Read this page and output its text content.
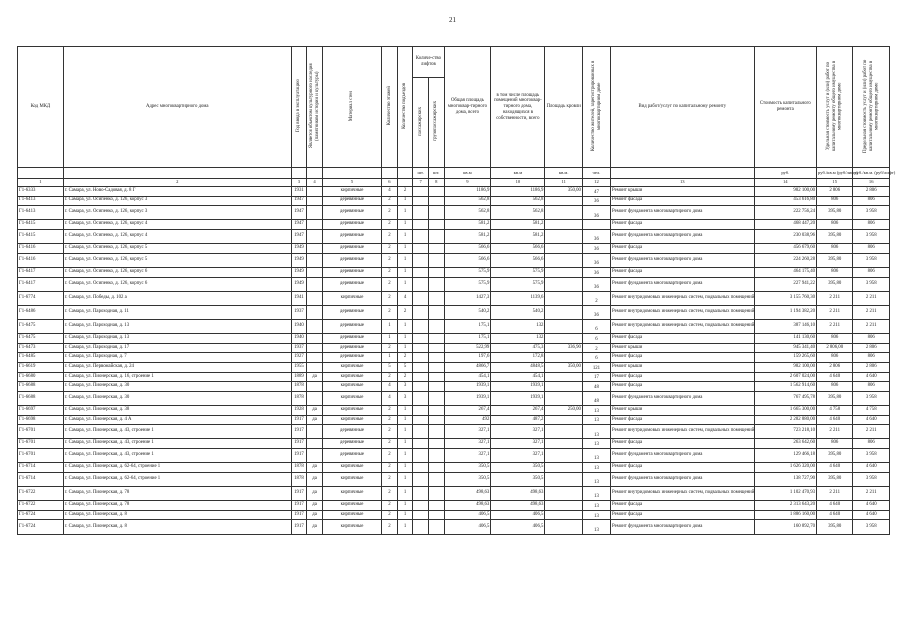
21
Код МКД	Адрес многоквартирного дома	Год ввода в эксплуатацию	Является объектом культурного наследия (памятником истории и культуры)	Материал стен	Количество этажей	Количество подъездов	Количе-ство лифтов		Общая площадь многоквар-тирного дома, всего	в том числе площадь помещений многоквар-тирного дома, находящихся в собственности, всего	Площадь кровли	Количество жителей, зарегистрированных в многоквартирном доме	Вид работ/услуг по капитальному ремонту	Стоимость капитального ремонта	Удельная стоимость услуг и (или) работ по капитальному ремонту общего имущества в многоквартирном доме	Предельная стоимость услуг и (или) работ по капитальному ремонту общего имущества в многоквартирном доме
							пассажирских	грузопассажирских								
							шт.	шт.	кв.м	кв.м	кв.м.	чел.		руб.	руб./кв.м (руб/лифт)	руб./кв.м. (руб/лифт)
1	2	3	4	5	6		7	8	9	10	11	12	13	14	15	16
Г1-6333	г. Самара, ул. Ново-Садовая, д. 8 Г	1931		кирпичные	4	2			1186,9	1186,9	350,00	47	Ремонт крыши	982 100,00	2 806	2 806
Г1-6413	г. Самара, ул. Осипенко, д. 126, корпус 3	1947		деревянные	2	1			562,8	562,8		36	Ремонт фасада	453 616,80	806	806
Г1-6413	г. Самара, ул. Осипенко, д. 126, корпус 3	1947		деревянные	2	1			562,8	562,8		36	Ремонт фундамента многоквартирного дома	222 756,24	395,80	3 958
Г1-6415	г. Самара, ул. Осипенко, д. 126, корпус 4	1947		деревянные	2	1			581,2	581,2			Ремонт фасада	468 447,20	806	806
Г1-6415	г. Самара, ул. Осипенко, д. 126, корпус 4	1947		деревянные	2	1			581,2	581,2		36	Ремонт фундамента многоквартирного дома	230 038,96	395,80	3 958
Г1-6416	г. Самара, ул. Осипенко, д. 126, корпус 5	1949		деревянные	2	1			566,6	566,6		36	Ремонт фасада	456 679,60	806	806
Г1-6416	г. Самара, ул. Осипенко, д. 126, корпус 5	1949		деревянные	2	1			566,6	566,6		36	Ремонт фундамента многоквартирного дома	224 260,28	395,80	3 958
Г1-6417	г. Самара, ул. Осипенко, д. 126, корпус 6	1949		деревянные	2	1			575,9	575,9		36	Ремонт фасада	464 175,40	806	806
Г1-6417	г. Самара, ул. Осипенко, д. 126, корпус 6	1949		деревянные	2	1			575,9	575,9		36	Ремонт фундамента многоквартирного дома	227 941,22	395,80	3 958
Г1-6774	г. Самара, ул. Победы, д. 102 а	1941		кирпичные	2	4			1427,3	1139,6		2	Ремонт внутридомовых инженерных систем, подвальных помещений	3 155 760,30	2 211	2 211
Г1-6486	г. Самара, ул. Пароходная, д. 11	1937		деревянные	2	2			540,2	540,2		36	Ремонт внутридомовых инженерных систем, подвальных помещений	1 194 382,20	2 211	2 211
Г1-6475	г. Самара, ул. Пароходная, д. 13	1940		деревянные	1	1			175,1	132		6	Ремонт внутридомовых инженерных систем, подвальных помещений	387 146,10	2 211	2 211
Г1-6475	г. Самара, ул. Пароходная, д. 13	1940		деревянные	1	1			175,1	132		6	Ремонт фасада	141 130,60	806	806
Г1-6473	г. Самара, ул. Пароходная, д. 17	1937		деревянные	2	1			522,99	475,3	336,90	2	Ремонт крыши	945 341,40	2 806,00	2 806
Г1-6485	г. Самара, ул. Пароходная, д. 7	1927		деревянные	1	2			197,6	172,8		6	Ремонт фасада	159 265,60	806	806
Г1-6619	г. Самара, ул. Первомайская, д. 24	1955		кирпичные	5	5			4866,7	4848,5	350,00	121	Ремонт крыши	982 100,00	2 806	2 806
Г1-6680	г. Самара, ул. Пионерская, д. 16, строение 1	1889	да	кирпичные	2	2			454,1	454,1		17	Ремонт фасада	2 607 024,00	4 640	4 640
Г1-6688	г. Самара, ул. Пионерская, д. 30	1878		кирпичные	4	3			1939,1	1939,1		48	Ремонт фасада	1 562 914,60	806	806
Г1-6688	г. Самара, ул. Пионерская, д. 30	1878		кирпичные	4	3			1939,1	1939,1		48	Ремонт фундамента многоквартирного дома	767 495,78	395,80	3 958
Г1-6697	г. Самара, ул. Пионерская, д. 38	1928	да	кирпичные	2	1			267,4	267,4	250,00	13	Ремонт крыши	1 665 300,00	4 758	4 758
Г1-6698	г. Самара, ул. Пионерская, д. 4 А	1917	да	кирпичные	2	1			492	487,2		13	Ремонт фасада	2 282 880,00	4 640	4 640
Г1-6701	г. Самара, ул. Пионерская, д. 43, строение 1	1917		деревянные	2	1			327,1	327,1		13	Ремонт внутридомовых инженерных систем, подвальных помещений	723 218,10	2 211	2 211
Г1-6701	г. Самара, ул. Пионерская, д. 43, строение 1	1917		деревянные	2	1			327,1	327,1		13	Ремонт фасада	263 642,60	806	806
Г1-6701	г. Самара, ул. Пионерская, д. 43, строение 1	1917		деревянные	2	1			327,1	327,1		13	Ремонт фундамента многоквартирного дома	129 466,18	395,80	3 958
Г1-6714	г. Самара, ул. Пионерская, д. 62-64, строение 1	1878	да	кирпичные	2	1			350,5	350,5		13	Ремонт фасада	1 626 320,00	4 640	4 640
Г1-6714	г. Самара, ул. Пионерская, д. 62-64, строение 1	1878	да	кирпичные	2	1			350,5	350,5		13	Ремонт фундамента многоквартирного дома	138 727,90	395,80	3 958
Г1-6722	г. Самара, ул. Пионерская, д. 78	1917	да	кирпичные	2	1			498,63	498,63		13	Ремонт внутридомовых инженерных систем, подвальных помещений	1 102 470,93	2 211	2 211
Г1-6722	г. Самара, ул. Пионерская, д. 78	1917	да	кирпичные	2	1			498,63	498,63		13	Ремонт фасада	2 313 643,20	4 640	4 640
Г1-6724	г. Самара, ул. Пионерская, д. 8	1917	да	кирпичные	2	1			406,5	406,5		13	Ремонт фасада	1 886 160,00	4 640	4 640
Г1-6724	г. Самара, ул. Пионерская, д. 8	1917	да	кирпичные	2	1			406,5	406,5		13	Ремонт фундамента многоквартирного дома	160 892,70	395,80	3 958
